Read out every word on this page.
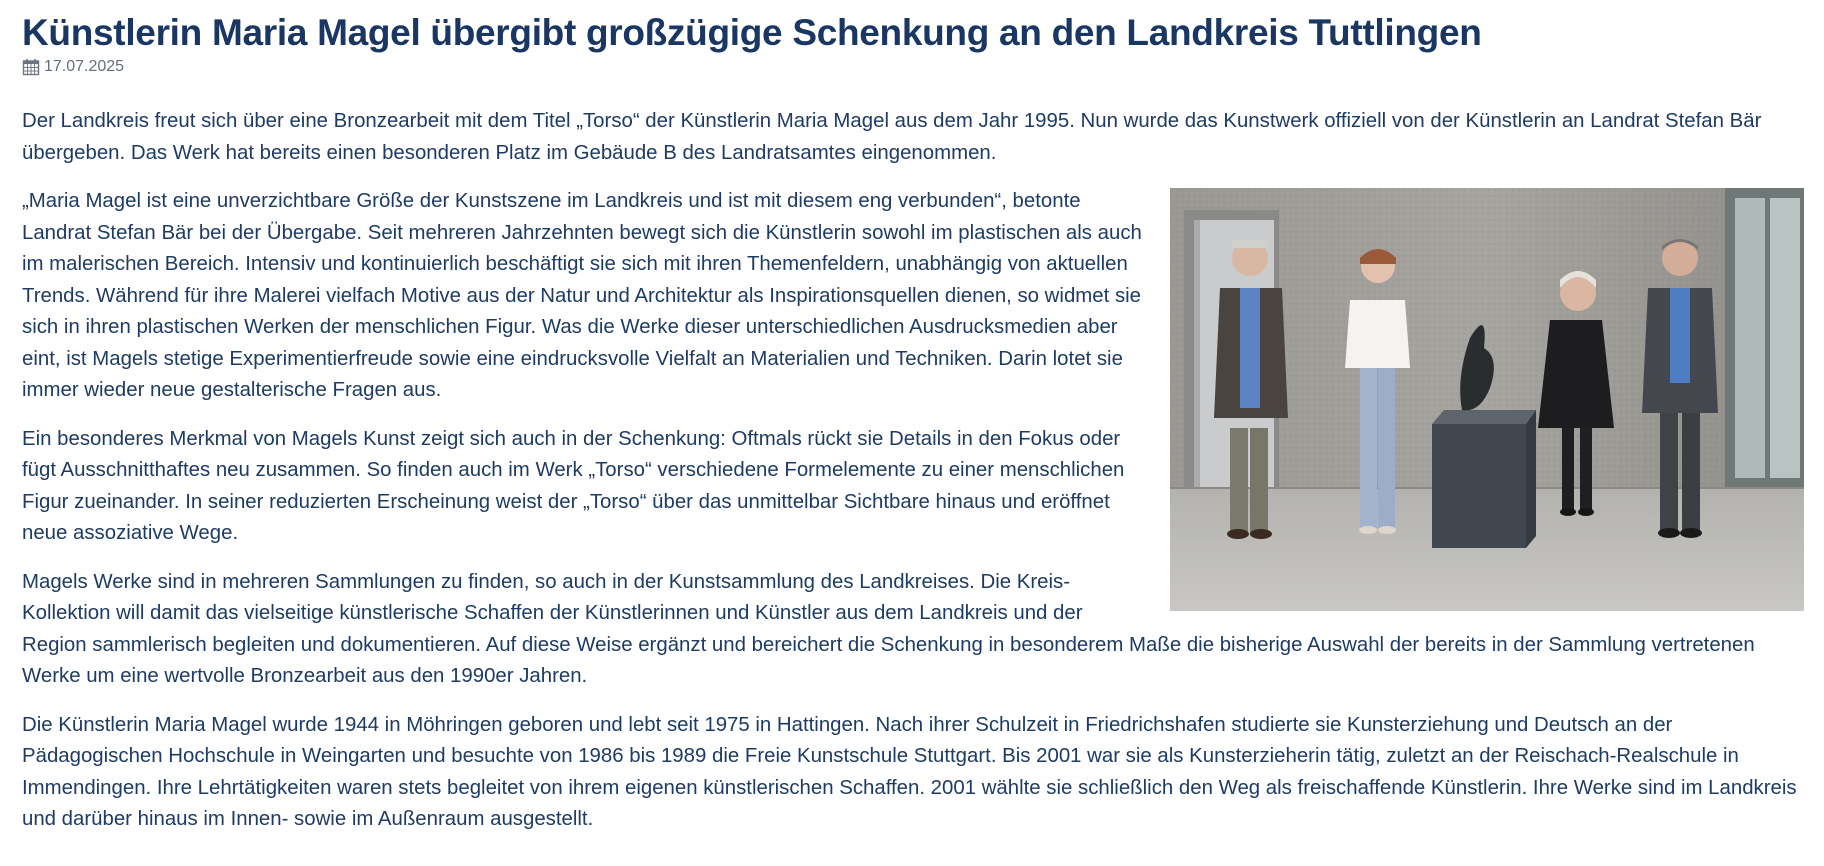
Künstlerin Maria Magel übergibt großzügige Schenkung an den Landkreis Tuttlingen
17.07.2025

Der Landkreis freut sich über eine Bronzearbeit mit dem Titel „Torso“ der Künstlerin Maria Magel aus dem Jahr 1995. Nun wurde das Kunstwerk offiziell von der Künstlerin an Landrat Stefan Bär übergeben. Das Werk hat bereits einen besonderen Platz im Gebäude B des Landratsamtes eingenommen.

„Maria Magel ist eine unverzichtbare Größe der Kunstszene im Landkreis und ist mit diesem eng verbunden“, betonte Landrat Stefan Bär bei der Übergabe. Seit mehreren Jahrzehnten bewegt sich die Künstlerin sowohl im plastischen als auch im malerischen Bereich. Intensiv und kontinuierlich beschäftigt sie sich mit ihren Themenfeldern, unabhängig von aktuellen Trends. Während für ihre Malerei vielfach Motive aus der Natur und Architektur als Inspirationsquellen dienen, so widmet sie sich in ihren plastischen Werken der menschlichen Figur. Was die Werke dieser unterschiedlichen Ausdrucksmedien aber eint, ist Magels stetige Experimentierfreude sowie eine eindrucksvolle Vielfalt an Materialien und Techniken. Darin lotet sie immer wieder neue gestalterische Fragen aus.

Ein besonderes Merkmal von Magels Kunst zeigt sich auch in der Schenkung: Oftmals rückt sie Details in den Fokus oder fügt Ausschnitthaftes neu zusammen. So finden auch im Werk „Torso“ verschiedene Formelemente zu einer menschlichen Figur zueinander. In seiner reduzierten Erscheinung weist der „Torso“ über das unmittelbar Sichtbare hinaus und eröffnet neue assoziative Wege.

Magels Werke sind in mehreren Sammlungen zu finden, so auch in der Kunstsammlung des Landkreises. Die Kreis-Kollektion will damit das vielseitige künstlerische Schaffen der Künstlerinnen und Künstler aus dem Landkreis und der Region sammlerisch begleiten und dokumentieren. Auf diese Weise ergänzt und bereichert die Schenkung in besonderem Maße die bisherige Auswahl der bereits in der Sammlung vertretenen Werke um eine wertvolle Bronzearbeit aus den 1990er Jahren.

Die Künstlerin Maria Magel wurde 1944 in Möhringen geboren und lebt seit 1975 in Hattingen. Nach ihrer Schulzeit in Friedrichshafen studierte sie Kunsterziehung und Deutsch an der Pädagogischen Hochschule in Weingarten und besuchte von 1986 bis 1989 die Freie Kunstschule Stuttgart. Bis 2001 war sie als Kunsterzieherin tätig, zuletzt an der Reischach-Realschule in Immendingen. Ihre Lehrtätigkeiten waren stets begleitet von ihrem eigenen künstlerischen Schaffen. 2001 wählte sie schließlich den Weg als freischaffende Künstlerin. Ihre Werke sind im Landkreis und darüber hinaus im Innen- sowie im Außenraum ausgestellt.
